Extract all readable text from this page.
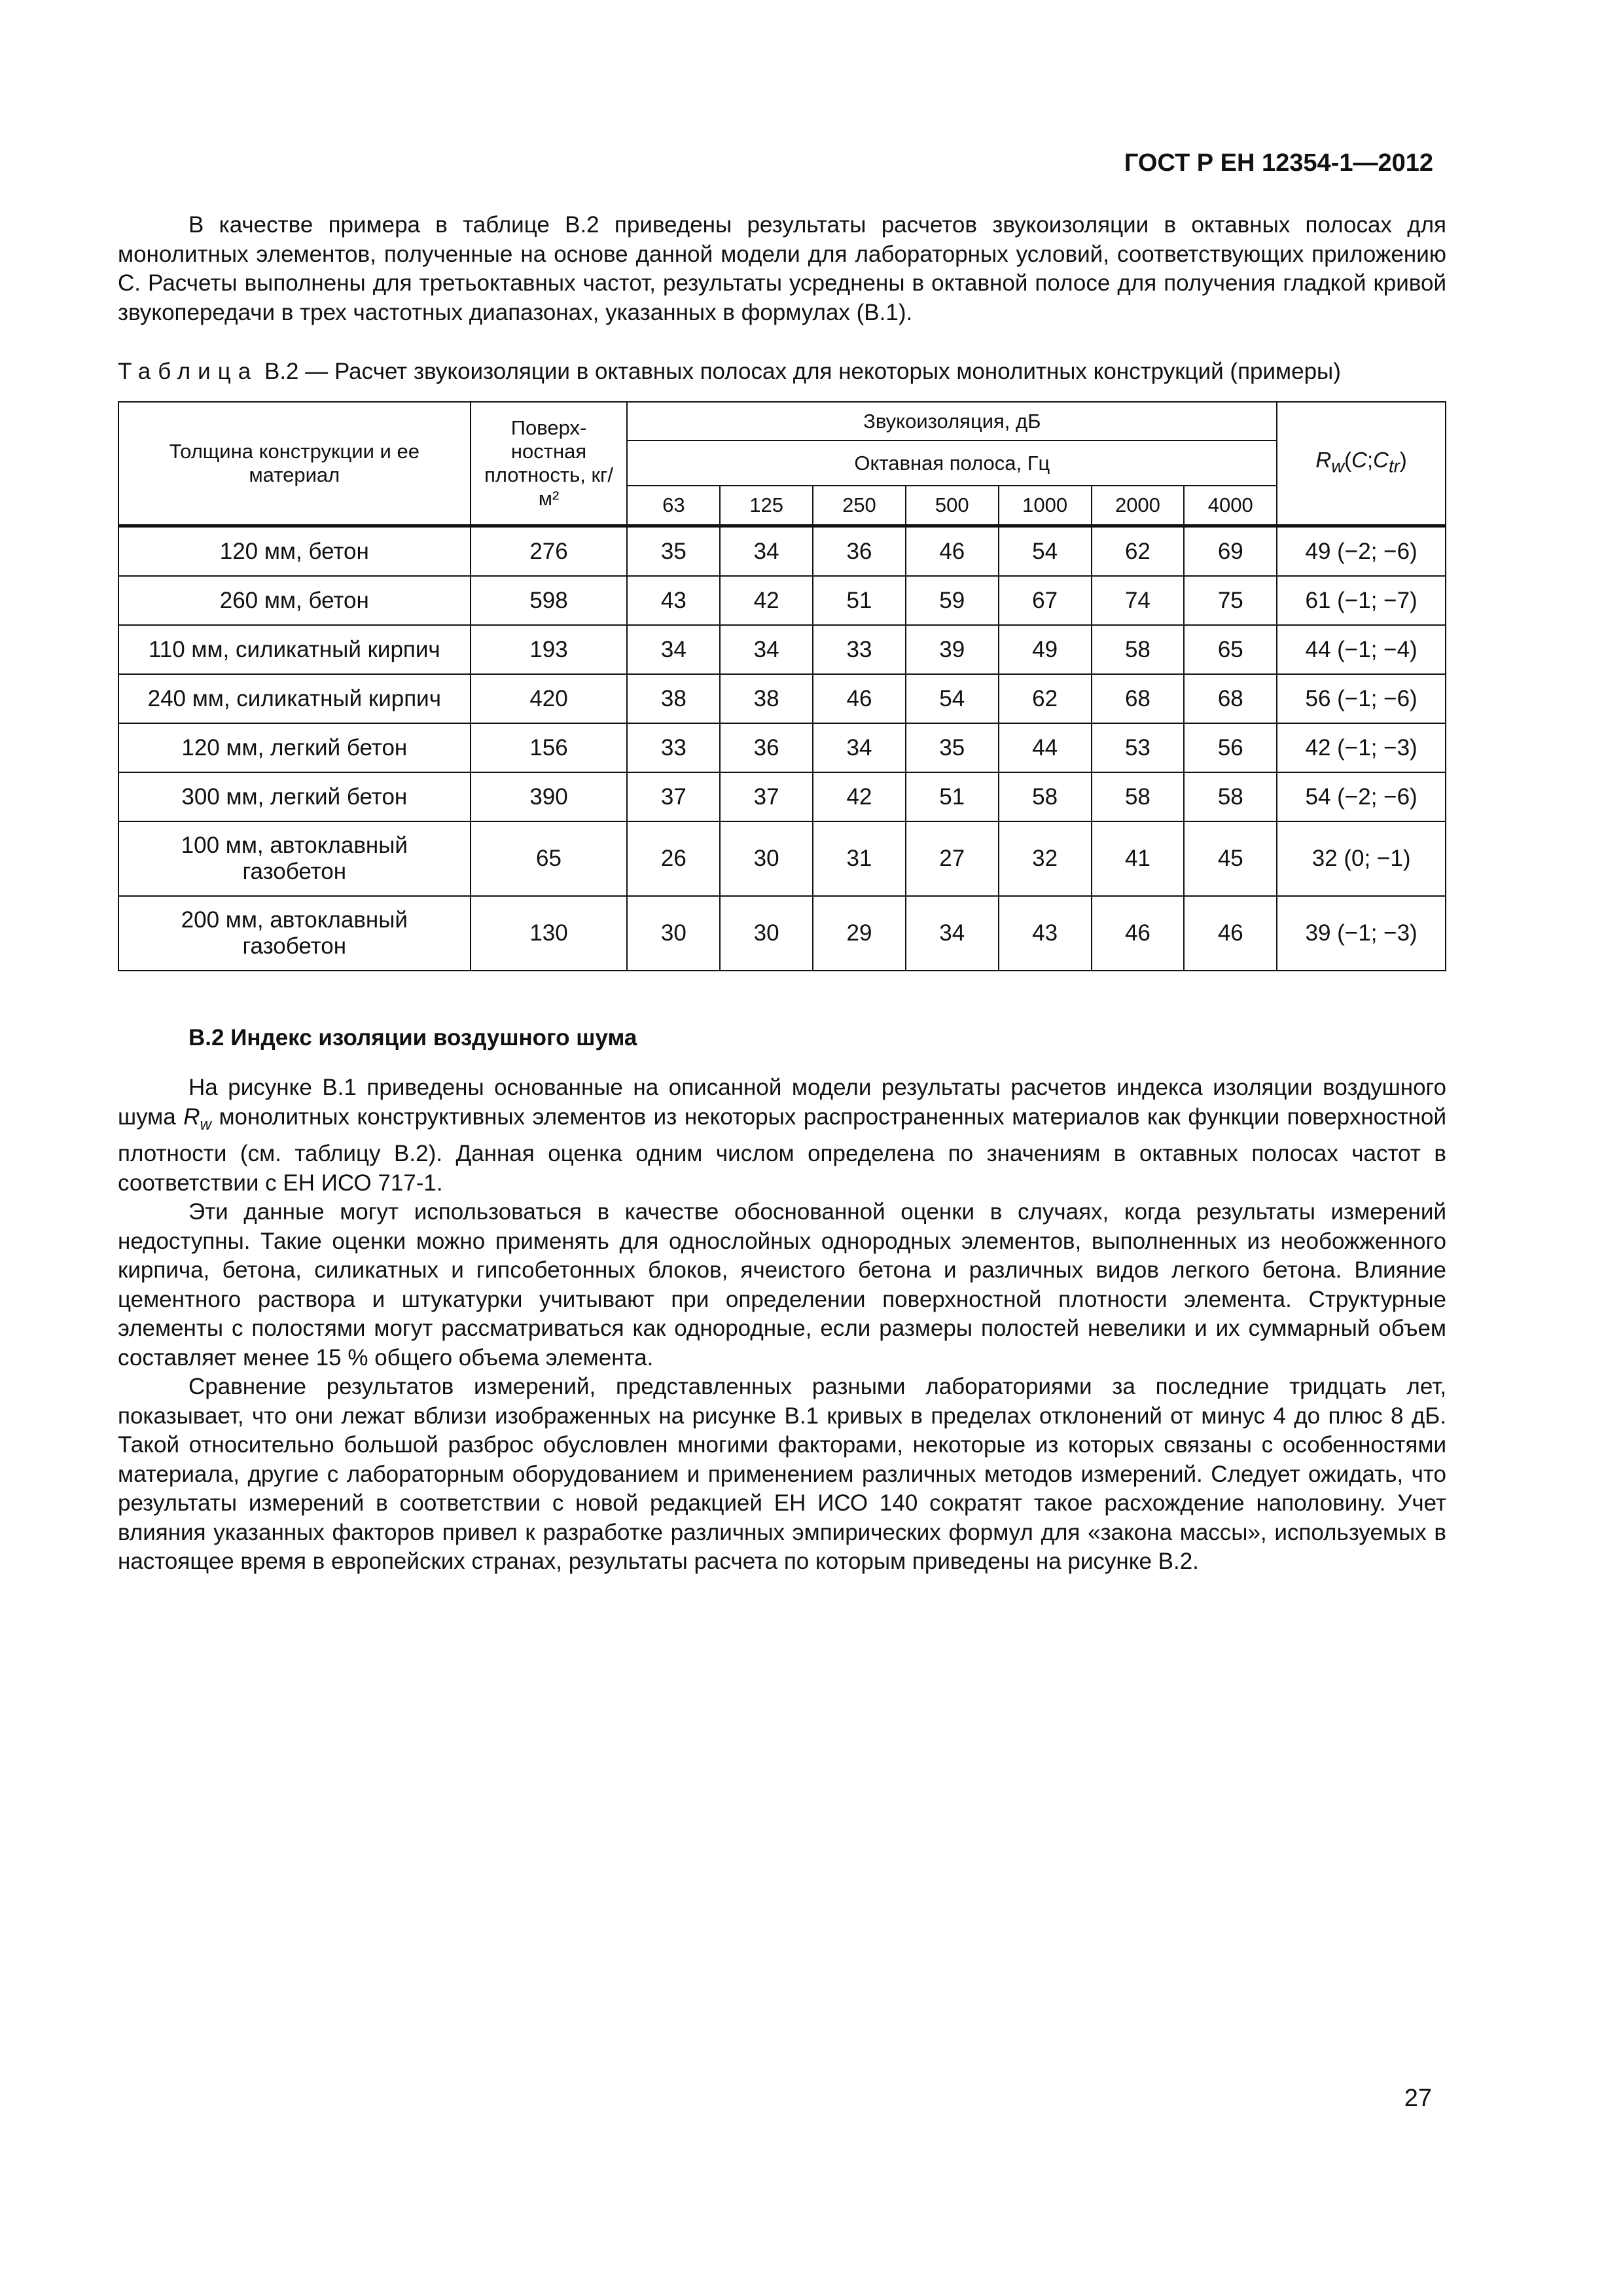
ГОСТ Р ЕН 12354-1—2012

В качестве примера в таблице В.2 приведены результаты расчетов звукоизоляции в октавных полосах для монолитных элементов, полученные на основе данной модели для лабораторных условий, соответствующих приложению С. Расчеты выполнены для третьоктавных частот, результаты усреднены в октавной полосе для получения гладкой кривой звукопередачи в трех частотных диапазонах, указанных в формулах (В.1).

Таблица В.2 — Расчет звукоизоляции в октавных полосах для некоторых монолитных конструкций (примеры)
Толщина конструкции и ее материал	Поверх-ностная плотность, кг/м²	Звукоизоляция, дБ							$R_w(C;C_{tr})$
		Октавная полоса, Гц							
		63	125	250	500	1000	2000	4000	
120 мм, бетон	276	35	34	36	46	54	62	69	49 (−2; −6)
260 мм, бетон	598	43	42	51	59	67	74	75	61 (−1; −7)
110 мм, силикатный кирпич	193	34	34	33	39	49	58	65	44 (−1; −4)
240 мм, силикатный кирпич	420	38	38	46	54	62	68	68	56 (−1; −6)
120 мм, легкий бетон	156	33	36	34	35	44	53	56	42 (−1; −3)
300 мм, легкий бетон	390	37	37	42	51	58	58	58	54 (−2; −6)

100 мм, автоклавный газобетон	65	26	30	31	27	32	41	45	32 (0; −1)

200 мм, автоклавный газобетон	130	30	30	29	34	43	46	46	39 (−1; −3)
В.2 Индекс изоляции воздушного шума

На рисунке В.1 приведены основанные на описанной модели результаты расчетов индекса изоляции воздушного шума $R_w$ монолитных конструктивных элементов из некоторых распространенных материалов как функции поверхностной плотности (см. таблицу В.2). Данная оценка одним числом определена по значениям в октавных полосах частот в соответствии с ЕН ИСО 717-1.

Эти данные могут использоваться в качестве обоснованной оценки в случаях, когда результаты измерений недоступны. Такие оценки можно применять для однослойных однородных элементов, выполненных из необожженного кирпича, бетона, силикатных и гипсобетонных блоков, ячеистого бетона и различных видов легкого бетона. Влияние цементного раствора и штукатурки учитывают при определении поверхностной плотности элемента. Структурные элементы с полостями могут рассматриваться как однородные, если размеры полостей невелики и их суммарный объем составляет менее 15 % общего объема элемента.

Сравнение результатов измерений, представленных разными лабораториями за последние тридцать лет, показывает, что они лежат вблизи изображенных на рисунке В.1 кривых в пределах отклонений от минус 4 до плюс 8 дБ. Такой относительно большой разброс обусловлен многими факторами, некоторые из которых связаны с особенностями материала, другие с лабораторным оборудованием и применением различных методов измерений. Следует ожидать, что результаты измерений в соответствии с новой редакцией ЕН ИСО 140 сократят такое расхождение наполовину. Учет влияния указанных факторов привел к разработке различных эмпирических формул для «закона массы», используемых в настоящее время в европейских странах, результаты расчета по которым приведены на рисунке В.2.

27
